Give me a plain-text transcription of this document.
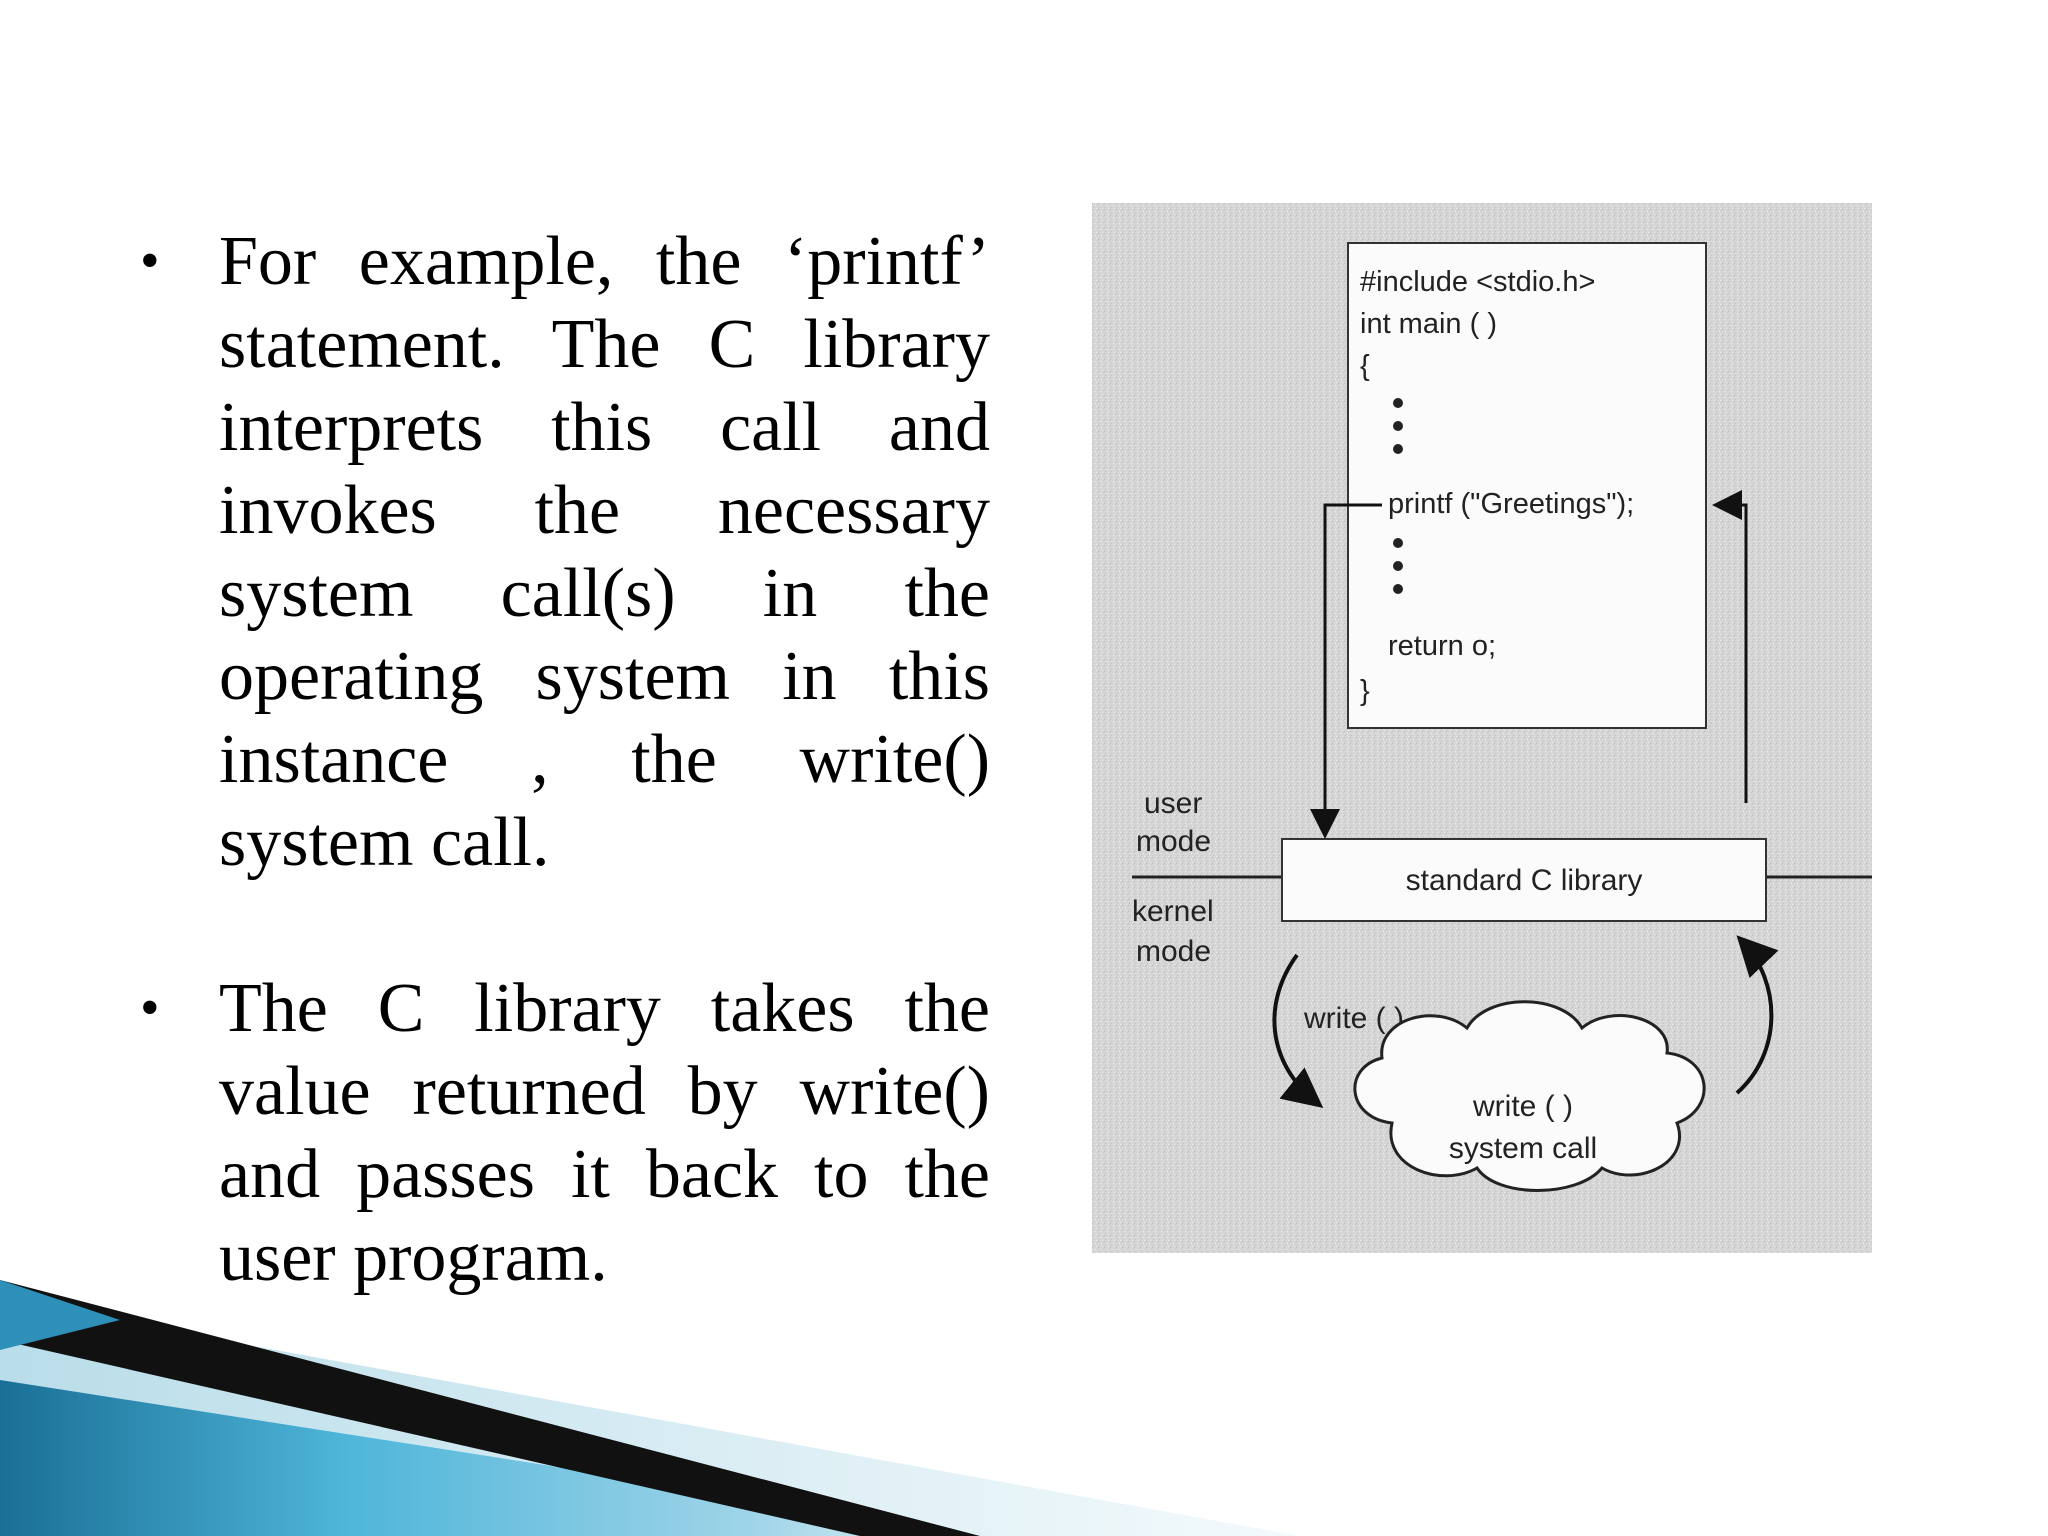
• For example, the ‘printf’ statement. The C library interprets this call and invokes the necessary system call(s) in the operating system in this instance , the write() system call.
• The C library takes the value returned by write() and passes it back to the user program.
#include <stdio.h>
int main ( )
{
printf ("Greetings");
return o;
}
user
mode
kernel
mode
standard C library
write ( )
write ( )
system call
